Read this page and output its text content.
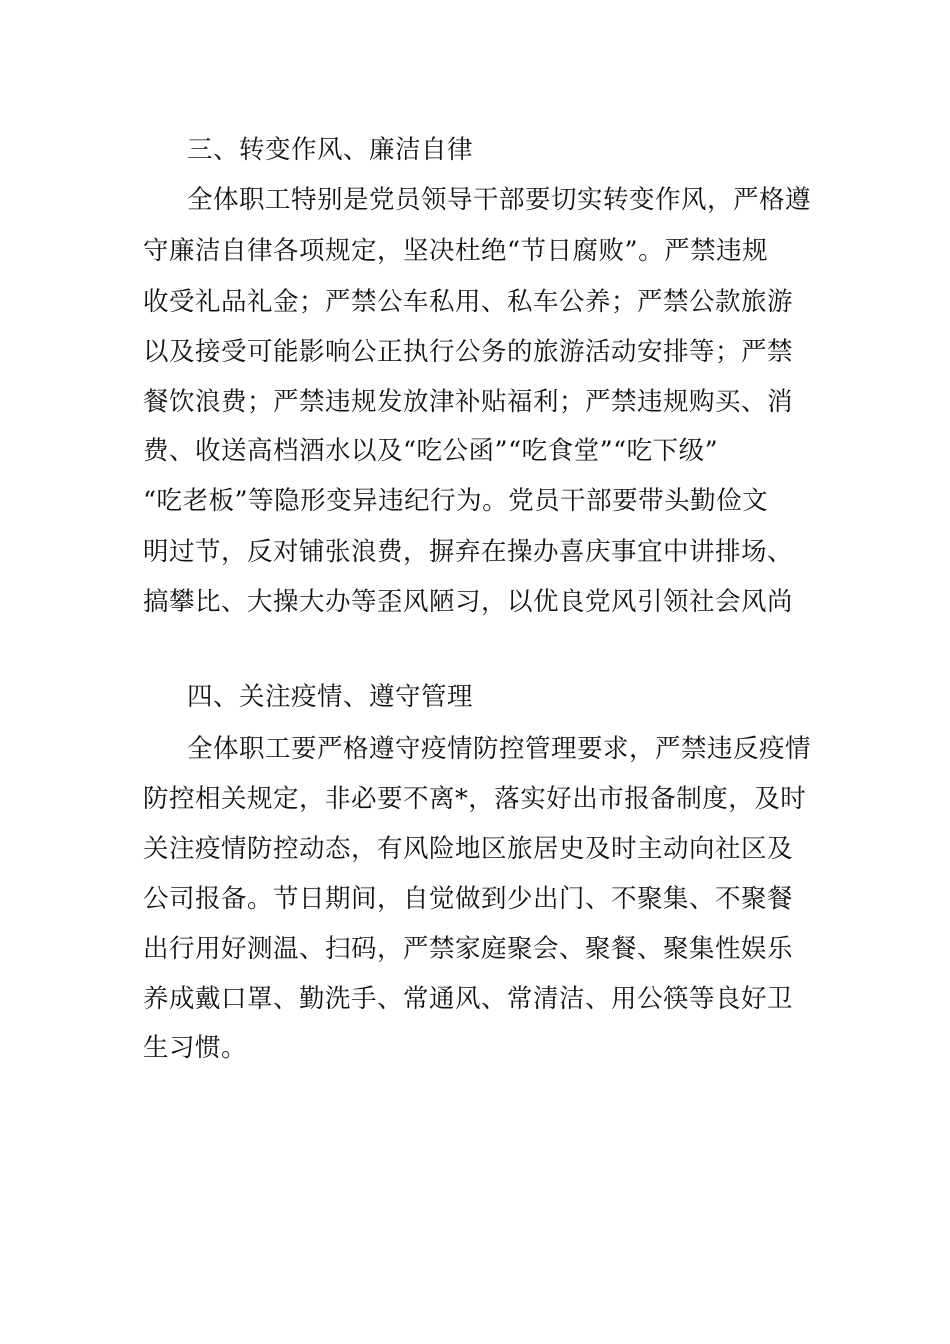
三、转变作风、廉洁自律
全体职工特别是党员领导干部要切实转变作风，严格遵
守廉洁自律各项规定，坚决杜绝“节日腐败”。严禁违规
收受礼品礼金；严禁公车私用、私车公养；严禁公款旅游
以及接受可能影响公正执行公务的旅游活动安排等；严禁
餐饮浪费；严禁违规发放津补贴福利；严禁违规购买、消
费、收送高档酒水以及“吃公函”“吃食堂”“吃下级”
“吃老板”等隐形变异违纪行为。党员干部要带头勤俭文
明过节，反对铺张浪费，摒弃在操办喜庆事宜中讲排场、
搞攀比、大操大办等歪风陋习，以优良党风引领社会风尚
四、关注疫情、遵守管理
全体职工要严格遵守疫情防控管理要求，严禁违反疫情
防控相关规定，非必要不离*，落实好出市报备制度，及时
关注疫情防控动态，有风险地区旅居史及时主动向社区及
公司报备。节日期间，自觉做到少出门、不聚集、不聚餐
出行用好测温、扫码，严禁家庭聚会、聚餐、聚集性娱乐
养成戴口罩、勤洗手、常通风、常清洁、用公筷等良好卫
生习惯。
